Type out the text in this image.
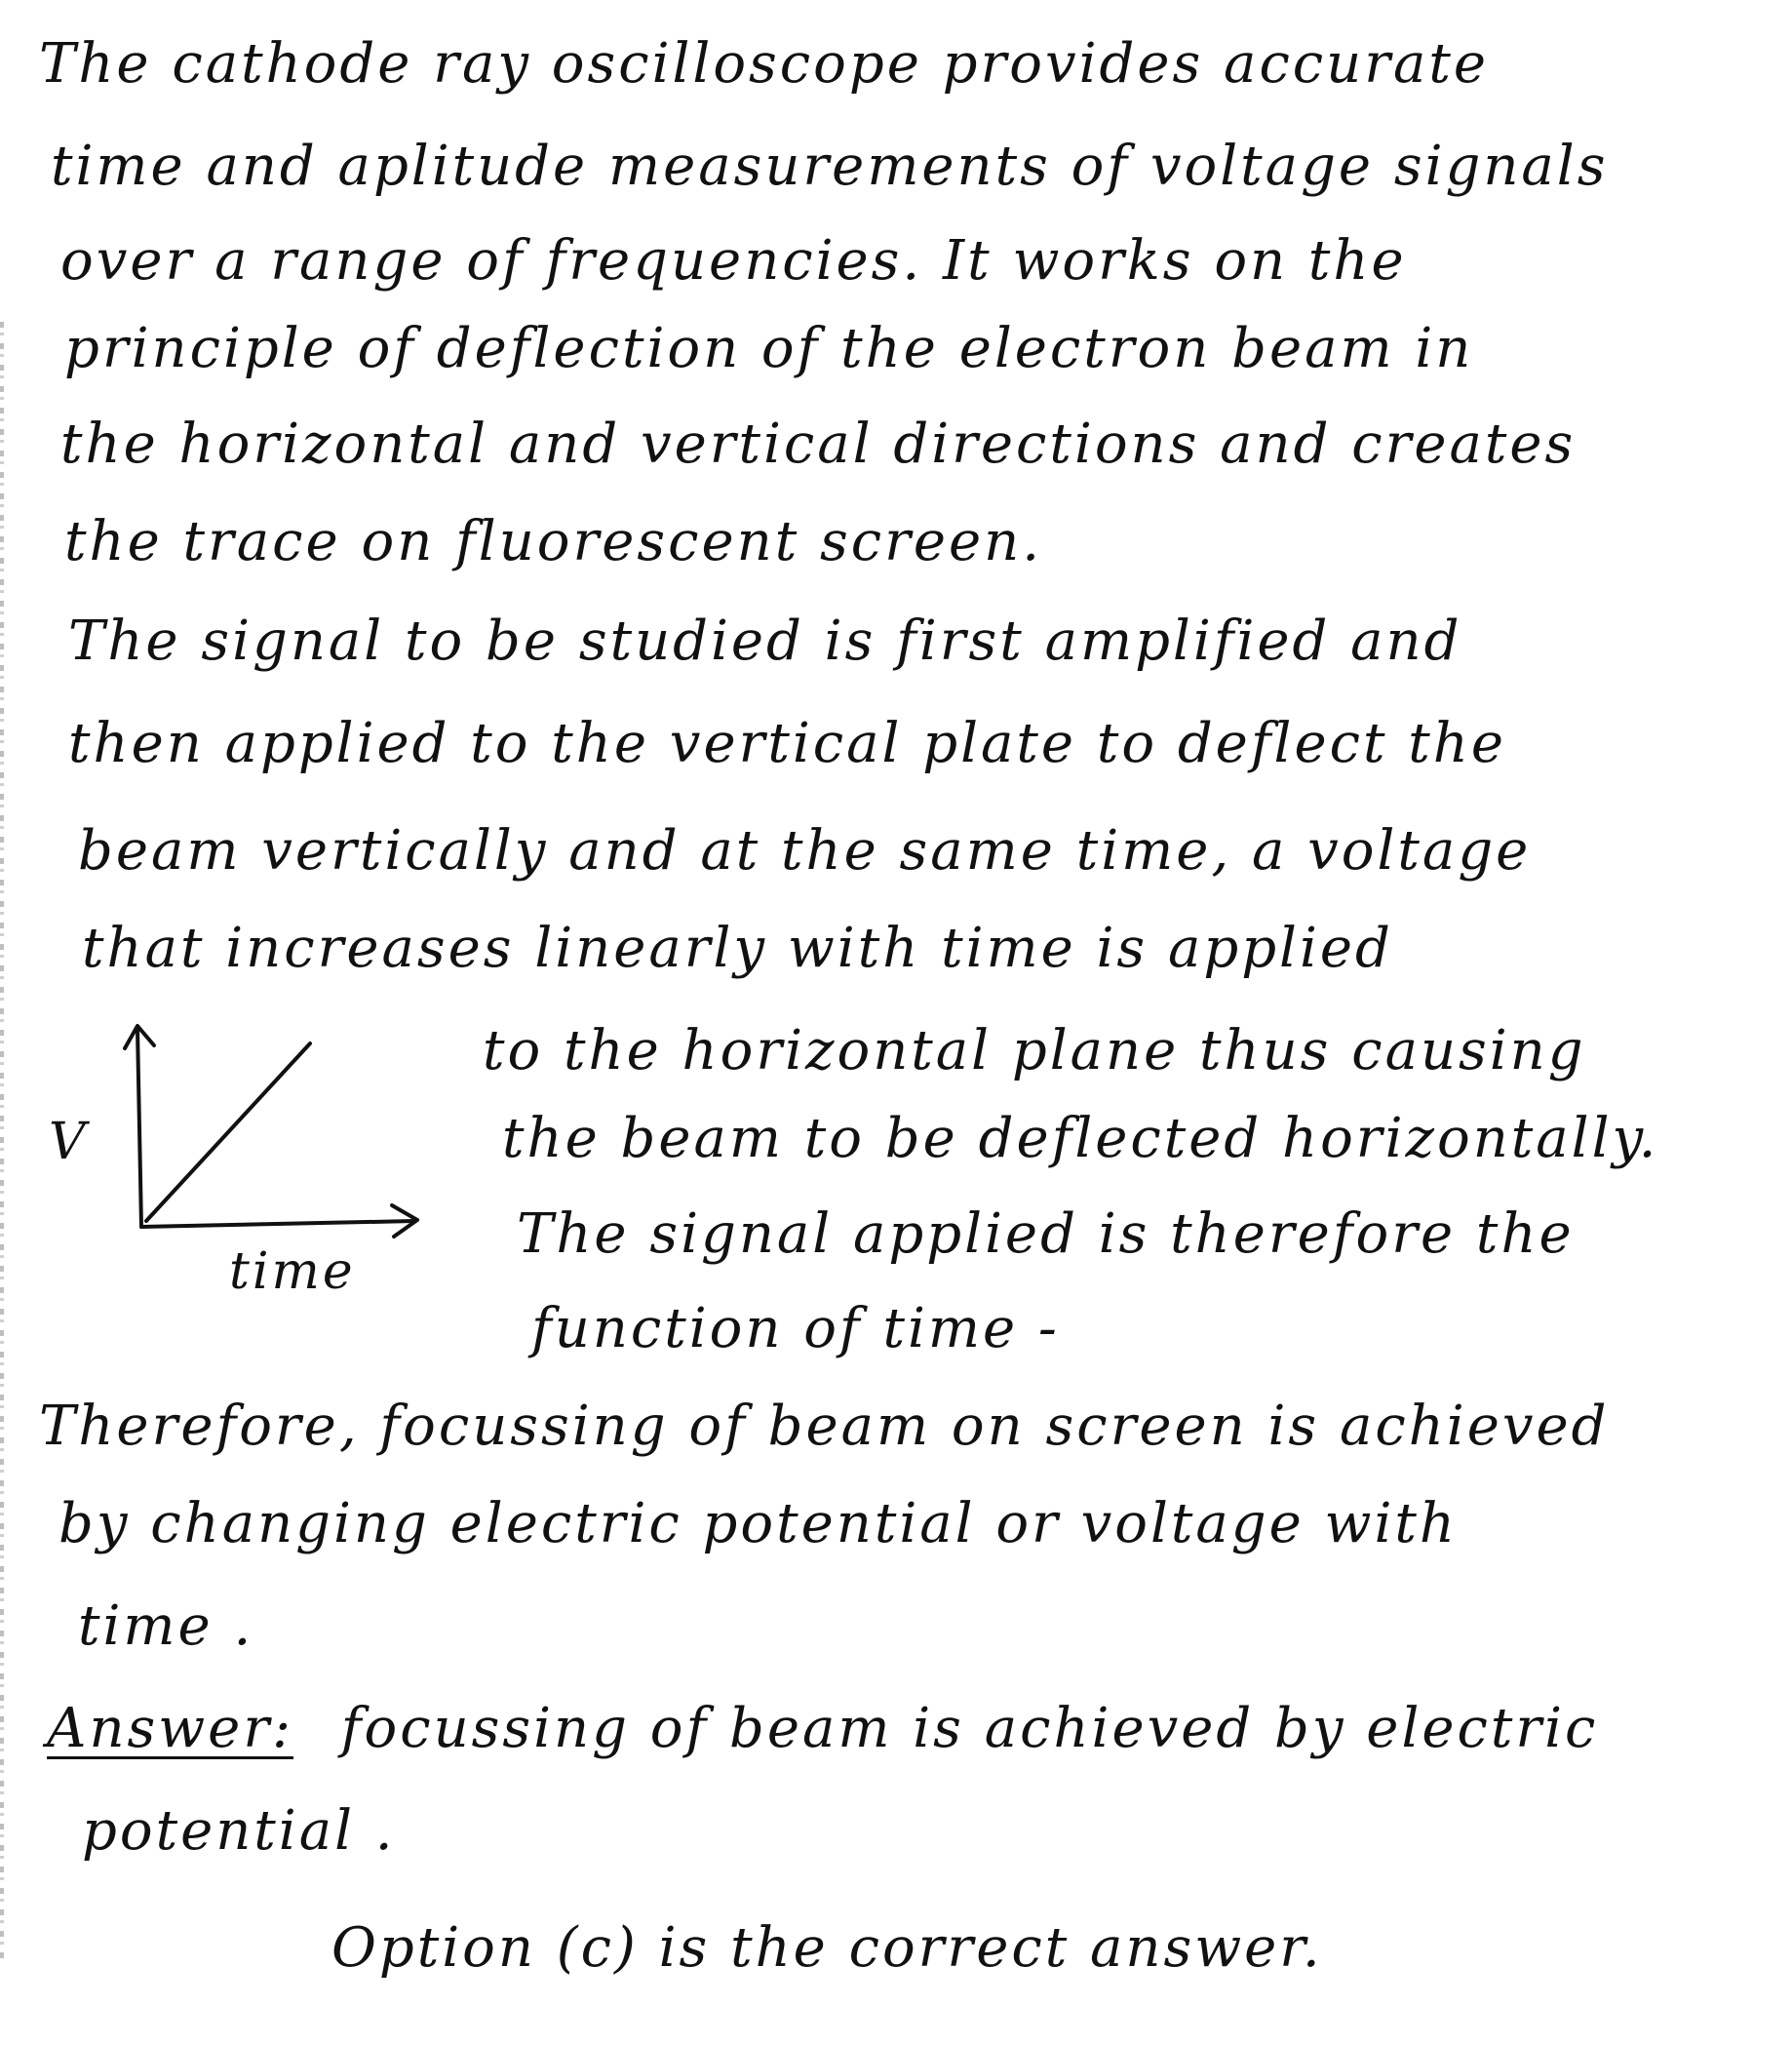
The cathode ray oscilloscope provides accurate
time and aplitude measurements of voltage signals
over a range of frequencies. It works on the
principle of deflection of the electron beam in
the horizontal and vertical directions and creates
the trace on fluorescent screen.
The signal to be studied is first amplified and
then applied to the vertical plate to deflect the
beam vertically and at the same time, a voltage
that increases linearly with time is applied
V
time
to the horizontal plane thus causing
the beam to be deflected horizontally.
The signal applied is therefore the
function of time -
Therefore, focussing of beam on screen is achieved
by changing electric potential or voltage with
time .
Answer: focussing of beam is achieved by electric
potential .
Option (c) is the correct answer.
